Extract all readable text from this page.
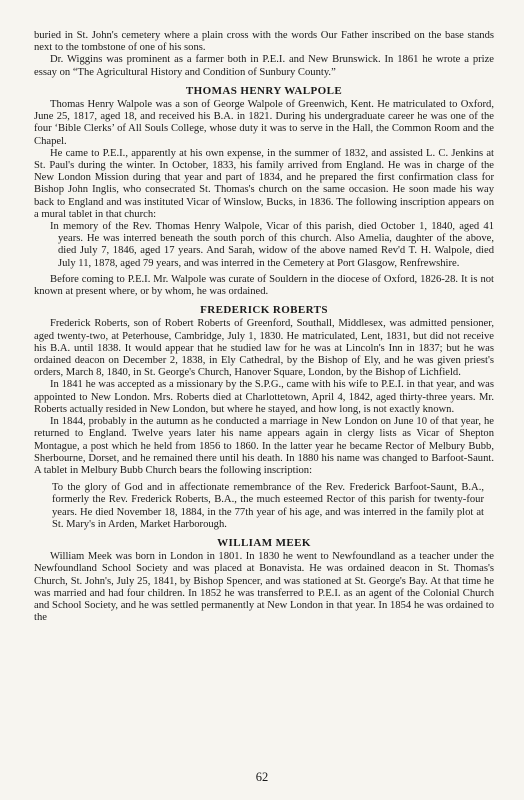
buried in St. John's cemetery where a plain cross with the words Our Father inscribed on the base stands next to the tombstone of one of his sons.

Dr. Wiggins was prominent as a farmer both in P.E.I. and New Brunswick. In 1861 he wrote a prize essay on “The Agricultural History and Condition of Sunbury County.”

THOMAS HENRY WALPOLE

Thomas Henry Walpole was a son of George Walpole of Greenwich, Kent. He matriculated to Oxford, June 25, 1817, aged 18, and received his B.A. in 1821. During his undergraduate career he was one of the four ‘Bible Clerks’ of All Souls College, whose duty it was to serve in the Hall, the Common Room and the Chapel.

He came to P.E.I., apparently at his own expense, in the summer of 1832, and assisted L. C. Jenkins at St. Paul's during the winter. In October, 1833, his family arrived from England. He was in charge of the New London Mission during that year and part of 1834, and he prepared the first confirmation class for Bishop John Inglis, who consecrated St. Thomas's church on the same occasion. He soon made his way back to England and was instituted Vicar of Winslow, Bucks, in 1836. The following inscription appears on a mural tablet in that church:

In memory of the Rev. Thomas Henry Walpole, Vicar of this parish, died October 1, 1840, aged 41 years. He was interred beneath the south porch of this church. Also Amelia, daughter of the above, died July 7, 1846, aged 17 years. And Sarah, widow of the above named Rev'd T. H. Walpole, died July 11, 1878, aged 79 years, and was interred in the Cemetery at Port Glasgow, Renfrewshire.

Before coming to P.E.I. Mr. Walpole was curate of Souldern in the diocese of Oxford, 1826-28. It is not known at present where, or by whom, he was ordained.

FREDERICK ROBERTS

Frederick Roberts, son of Robert Roberts of Greenford, Southall, Middlesex, was admitted pensioner, aged twenty-two, at Peterhouse, Cambridge, July 1, 1830. He matriculated, Lent, 1831, but did not receive his B.A. until 1838. It would appear that he studied law for he was at Lincoln's Inn in 1837; but he was ordained deacon on December 2, 1838, in Ely Cathedral, by the Bishop of Ely, and he was given priest's orders, March 8, 1840, in St. George's Church, Hanover Square, London, by the Bishop of Lichfield.

In 1841 he was accepted as a missionary by the S.P.G., came with his wife to P.E.I. in that year, and was appointed to New London. Mrs. Roberts died at Charlottetown, April 4, 1842, aged thirty-three years. Mr. Roberts actually resided in New London, but where he stayed, and how long, is not exactly known.

In 1844, probably in the autumn as he conducted a marriage in New London on June 10 of that year, he returned to England. Twelve years later his name appears again in clergy lists as Vicar of Shepton Montague, a post which he held from 1856 to 1860. In the latter year he became Rector of Melbury Bubb, Sherbourne, Dorset, and he remained there until his death. In 1880 his name was changed to Barfoot-Saunt. A tablet in Melbury Bubb Church bears the following inscription:

To the glory of God and in affectionate remembrance of the Rev. Frederick Barfoot-Saunt, B.A., formerly the Rev. Frederick Roberts, B.A., the much esteemed Rector of this parish for twenty-four years. He died November 18, 1884, in the 77th year of his age, and was interred in the family plot at St. Mary's in Arden, Market Harborough.
WILLIAM MEEK

William Meek was born in London in 1801. In 1830 he went to Newfoundland as a teacher under the Newfoundland School Society and was placed at Bonavista. He was ordained deacon in St. Thomas's Church, St. John's, July 25, 1841, by Bishop Spencer, and was stationed at St. George's Bay. At that time he was married and had four children. In 1852 he was transferred to P.E.I. as an agent of the Colonial Church and School Society, and he was settled permanently at New London in that year. In 1854 he was ordained to the

62
